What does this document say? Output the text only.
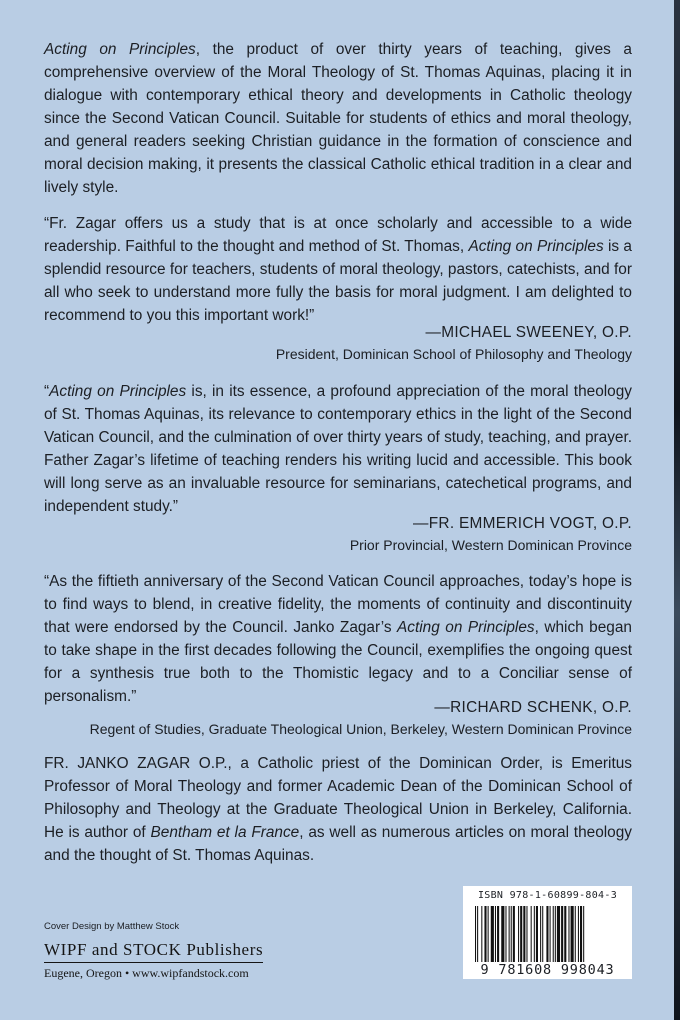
Acting on Principles, the product of over thirty years of teaching, gives a comprehensive overview of the Moral Theology of St. Thomas Aquinas, placing it in dialogue with contemporary ethical theory and developments in Catholic theology since the Second Vatican Council. Suitable for students of ethics and moral theology, and general readers seeking Christian guidance in the formation of conscience and moral decision making, it presents the classical Catholic ethical tradition in a clear and lively style.

“Fr. Zagar offers us a study that is at once scholarly and accessible to a wide readership. Faithful to the thought and method of St. Thomas, Acting on Principles is a splendid resource for teachers, students of moral theology, pastors, catechists, and for all who seek to understand more fully the basis for moral judgment. I am delighted to recommend to you this important work!”

—MICHAEL SWEENEY, O.P.
President, Dominican School of Philosophy and Theology

“Acting on Principles is, in its essence, a profound appreciation of the moral theology of St. Thomas Aquinas, its relevance to contemporary ethics in the light of the Second Vatican Council, and the culmination of over thirty years of study, teaching, and prayer. Father Zagar’s lifetime of teaching renders his writing lucid and accessible. This book will long serve as an invaluable resource for seminarians, catechetical programs, and independent study.”

—FR. EMMERICH VOGT, O.P.
Prior Provincial, Western Dominican Province

“As the fiftieth anniversary of the Second Vatican Council approaches, today’s hope is to find ways to blend, in creative fidelity, the moments of continuity and discontinuity that were endorsed by the Council. Janko Zagar’s Acting on Principles, which began to take shape in the first decades following the Council, exemplifies the ongoing quest for a synthesis true both to the Thomistic legacy and to a Conciliar sense of personalism.”

—RICHARD SCHENK, O.P.
Regent of Studies, Graduate Theological Union, Berkeley, Western Dominican Province

FR. JANKO ZAGAR O.P., a Catholic priest of the Dominican Order, is Emeritus Professor of Moral Theology and former Academic Dean of the Dominican School of Philosophy and Theology at the Graduate Theological Union in Berkeley, California. He is author of Bentham et la France, as well as numerous articles on moral theology and the thought of St. Thomas Aquinas.

Cover Design by Matthew Stock
WIPF and STOCK Publishers
Eugene, Oregon • www.wipfandstock.com
ISBN 978-1-60899-804-3
9 781608 998043
